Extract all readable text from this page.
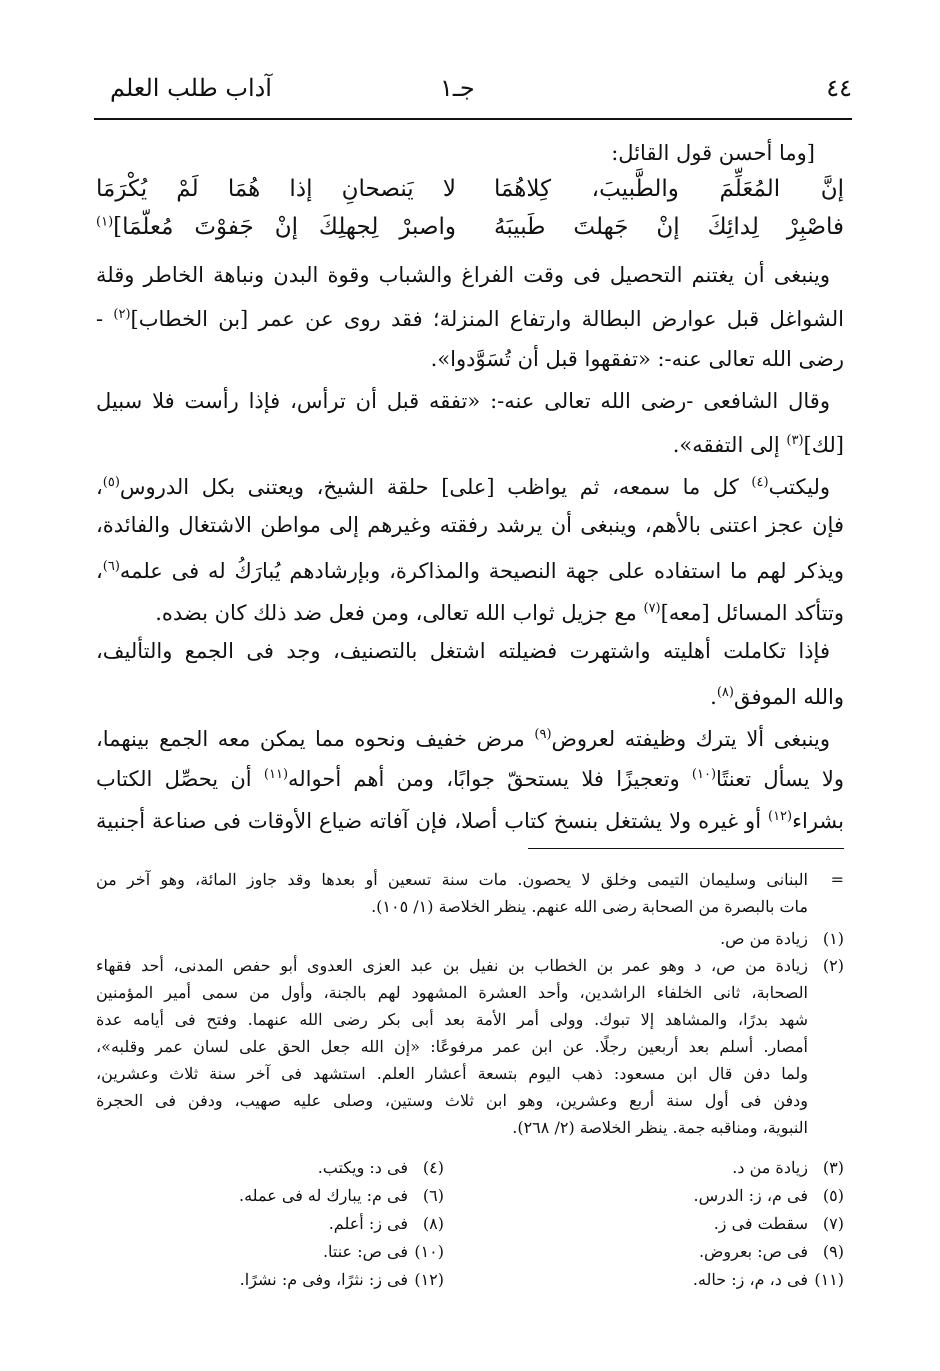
٤٤
جـ١
آداب طلب العلم
[وما أحسن قول القائل:
إنَّ المُعَلِّمَ والطَّبيبَ، كِلاهُمَا
لا يَنصحانِ إذا هُمَا لَمْ يُكْرَمَا
فاصْبِرْ لِدائِكَ إنْ جَهلتَ طَبيبَهُ
واصبرْ لِجهلِكَ إنْ جَفوْتَ مُعلّمَا]$^{(١)}$
وينبغى أن يغتنم التحصيل فى وقت الفراغ والشباب وقوة البدن ونباهة الخاطر وقلة
الشواغل قبل عوارض البطالة وارتفاع المنزلة؛ فقد روى عن عمر [بن الخطاب]$^{(٢)}$ -
رضى الله تعالى عنه-: «تفقهوا قبل أن تُسَوَّدوا».
وقال الشافعى -رضى الله تعالى عنه-: «تفقه قبل أن ترأس، فإذا رأست فلا سبيل
[لك]$^{(٣)}$ إلى التفقه».
وليكتب$^{(٤)}$ كل ما سمعه، ثم يواظب [على] حلقة الشيخ، ويعتنى بكل الدروس$^{(٥)}$،
فإن عجز اعتنى بالأهم، وينبغى أن يرشد رفقته وغيرهم إلى مواطن الاشتغال والفائدة،
ويذكر لهم ما استفاده على جهة النصيحة والمذاكرة، وبإرشادهم يُبارَكُ له فى علمه$^{(٦)}$،
وتتأكد المسائل [معه]$^{(٧)}$ مع جزيل ثواب الله تعالى، ومن فعل ضد ذلك كان بضده.
فإذا تكاملت أهليته واشتهرت فضيلته اشتغل بالتصنيف، وجد فى الجمع والتأليف،
والله الموفق$^{(٨)}$.
وينبغى ألا يترك وظيفته لعروض$^{(٩)}$ مرض خفيف ونحوه مما يمكن معه الجمع بينهما،
ولا يسأل تعنتًا$^{(١٠)}$ وتعجيزًا فلا يستحقّ جوابًا، ومن أهم أحواله$^{(١١)}$ أن يحصِّل الكتاب
بشراء$^{(١٢)}$ أو غيره ولا يشتغل بنسخ كتاب أصلا، فإن آفاته ضياع الأوقات فى صناعة أجنبية
=
البنانى وسليمان التيمى وخلق لا يحصون. مات سنة تسعين أو بعدها وقد جاوز المائة، وهو آخر من
مات بالبصرة من الصحابة رضى الله عنهم. ينظر الخلاصة (١/ ١٠٥).
(١)
زيادة من ص.
(٢)
زيادة من ص، د وهو عمر بن الخطاب بن نفيل بن عبد العزى العدوى أبو حفص المدنى، أحد فقهاء
الصحابة، ثانى الخلفاء الراشدين، وأحد العشرة المشهود لهم بالجنة، وأول من سمى أمير المؤمنين
شهد بدرًا، والمشاهد إلا تبوك. وولى أمر الأمة بعد أبى بكر رضى الله عنهما. وفتح فى أيامه عدة
أمصار. أسلم بعد أربعين رجلًا. عن ابن عمر مرفوعًا: «إن الله جعل الحق على لسان عمر وقلبه»،
ولما دفن قال ابن مسعود: ذهب اليوم بتسعة أعشار العلم. استشهد فى آخر سنة ثلاث وعشرين،
ودفن فى أول سنة أربع وعشرين، وهو ابن ثلاث وستين، وصلى عليه صهيب، ودفن فى الحجرة
النبوية، ومناقبه جمة. ينظر الخلاصة (٢/ ٢٦٨).
(٣)زيادة من د.
(٤)فى د: ويكتب.
(٥)فى م، ز: الدرس.
(٦)فى م: يبارك له فى عمله.
(٧)سقطت فى ز.
(٨)فى ز: أعلم.
(٩)فى ص: بعروض.
(١٠)فى ص: عنتا.
(١١)فى د، م، ز: حاله.
(١٢)فى ز: نثرًا، وفى م: نشرًا.
